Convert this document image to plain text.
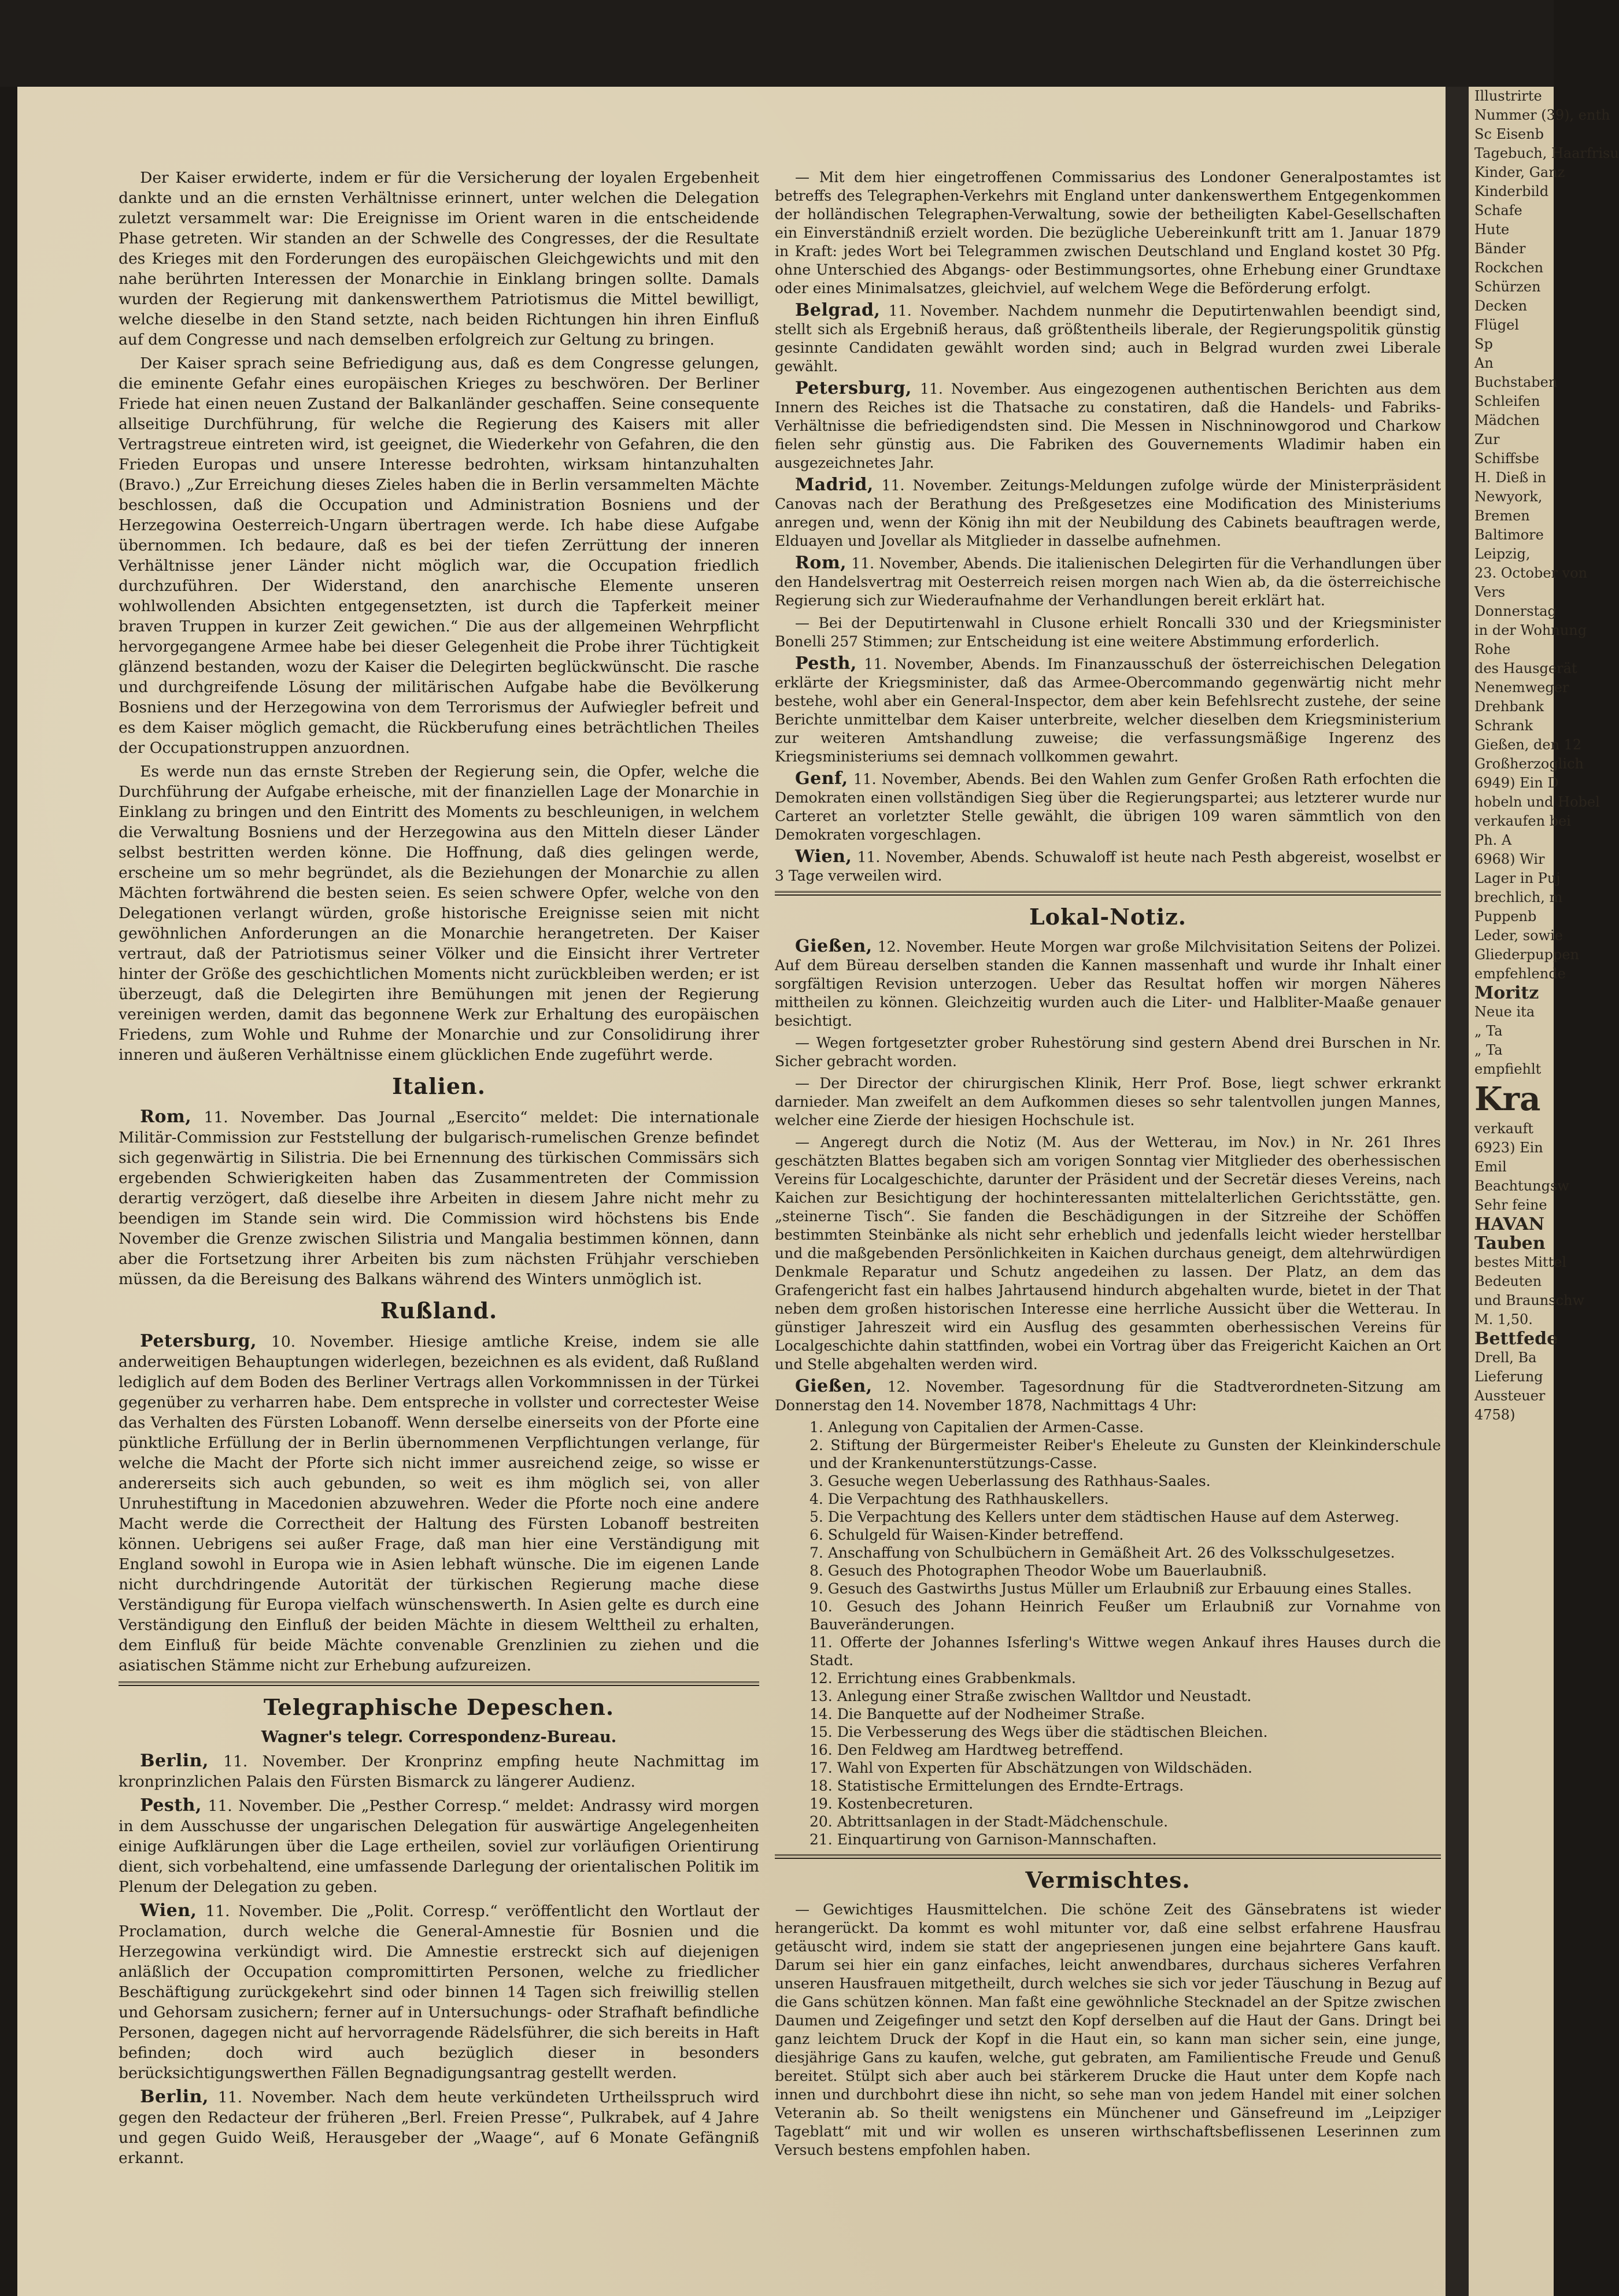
Der Kaiser erwiderte, indem er für die Versicherung der loyalen Ergebenheit dankte und an die ernsten Verhältnisse erinnert, unter welchen die Delegation zuletzt versammelt war: Die Ereignisse im Orient waren in die entscheidende Phase getreten. Wir standen an der Schwelle des Congresses, der die Resultate des Krieges mit den Forderungen des europäischen Gleichgewichts und mit den nahe berührten Interessen der Monarchie in Einklang bringen sollte. Damals wurden der Regierung mit dankenswerthem Patriotismus die Mittel bewilligt, welche dieselbe in den Stand setzte, nach beiden Richtungen hin ihren Einfluß auf dem Congresse und nach demselben erfolgreich zur Geltung zu bringen.

Der Kaiser sprach seine Befriedigung aus, daß es dem Congresse gelungen, die eminente Gefahr eines europäischen Krieges zu beschwören. Der Berliner Friede hat einen neuen Zustand der Balkanländer geschaffen. Seine consequente allseitige Durchführung, für welche die Regierung des Kaisers mit aller Vertragstreue eintreten wird, ist geeignet, die Wiederkehr von Gefahren, die den Frieden Europas und unsere Interesse bedrohten, wirksam hintanzuhalten (Bravo.) „Zur Erreichung dieses Zieles haben die in Berlin versammelten Mächte beschlossen, daß die Occupation und Administration Bosniens und der Herzegowina Oesterreich-Ungarn übertragen werde. Ich habe diese Aufgabe übernommen. Ich bedaure, daß es bei der tiefen Zerrüttung der inneren Verhältnisse jener Länder nicht möglich war, die Occupation friedlich durchzuführen. Der Widerstand, den anarchische Elemente unseren wohlwollenden Absichten entgegensetzten, ist durch die Tapferkeit meiner braven Truppen in kurzer Zeit gewichen.“ Die aus der allgemeinen Wehrpflicht hervorgegangene Armee habe bei dieser Gelegenheit die Probe ihrer Tüchtigkeit glänzend bestanden, wozu der Kaiser die Delegirten beglückwünscht. Die rasche und durchgreifende Lösung der militärischen Aufgabe habe die Bevölkerung Bosniens und der Herzegowina von dem Terrorismus der Aufwiegler befreit und es dem Kaiser möglich gemacht, die Rückberufung eines beträchtlichen Theiles der Occupationstruppen anzuordnen.

Es werde nun das ernste Streben der Regierung sein, die Opfer, welche die Durchführung der Aufgabe erheische, mit der finanziellen Lage der Monarchie in Einklang zu bringen und den Eintritt des Moments zu beschleunigen, in welchem die Verwaltung Bosniens und der Herzegowina aus den Mitteln dieser Länder selbst bestritten werden könne. Die Hoffnung, daß dies gelingen werde, erscheine um so mehr begründet, als die Beziehungen der Monarchie zu allen Mächten fortwährend die besten seien. Es seien schwere Opfer, welche von den Delegationen verlangt würden, große historische Ereignisse seien mit nicht gewöhnlichen Anforderungen an die Monarchie herangetreten. Der Kaiser vertraut, daß der Patriotismus seiner Völker und die Einsicht ihrer Vertreter hinter der Größe des geschichtlichen Moments nicht zurückbleiben werden; er ist überzeugt, daß die Delegirten ihre Bemühungen mit jenen der Regierung vereinigen werden, damit das begonnene Werk zur Erhaltung des europäischen Friedens, zum Wohle und Ruhme der Monarchie und zur Consolidirung ihrer inneren und äußeren Verhältnisse einem glücklichen Ende zugeführt werde.

Italien.

Rom, 11. November. Das Journal „Esercito“ meldet: Die internationale Militär-Commission zur Feststellung der bulgarisch-rumelischen Grenze befindet sich gegenwärtig in Silistria. Die bei Ernennung des türkischen Commissärs sich ergebenden Schwierigkeiten haben das Zusammentreten der Commission derartig verzögert, daß dieselbe ihre Arbeiten in diesem Jahre nicht mehr zu beendigen im Stande sein wird. Die Commission wird höchstens bis Ende November die Grenze zwischen Silistria und Mangalia bestimmen können, dann aber die Fortsetzung ihrer Arbeiten bis zum nächsten Frühjahr verschieben müssen, da die Bereisung des Balkans während des Winters unmöglich ist.

Rußland.

Petersburg, 10. November. Hiesige amtliche Kreise, indem sie alle anderweitigen Behauptungen widerlegen, bezeichnen es als evident, daß Rußland lediglich auf dem Boden des Berliner Vertrags allen Vorkommnissen in der Türkei gegenüber zu verharren habe. Dem entspreche in vollster und correctester Weise das Verhalten des Fürsten Lobanoff. Wenn derselbe einerseits von der Pforte eine pünktliche Erfüllung der in Berlin übernommenen Verpflichtungen verlange, für welche die Macht der Pforte sich nicht immer ausreichend zeige, so wisse er andererseits sich auch gebunden, so weit es ihm möglich sei, von aller Unruhestiftung in Macedonien abzuwehren. Weder die Pforte noch eine andere Macht werde die Correctheit der Haltung des Fürsten Lobanoff bestreiten können. Uebrigens sei außer Frage, daß man hier eine Verständigung mit England sowohl in Europa wie in Asien lebhaft wünsche. Die im eigenen Lande nicht durchdringende Autorität der türkischen Regierung mache diese Verständigung für Europa vielfach wünschenswerth. In Asien gelte es durch eine Verständigung den Einfluß der beiden Mächte in diesem Welttheil zu erhalten, dem Einfluß für beide Mächte convenable Grenzlinien zu ziehen und die asiatischen Stämme nicht zur Erhebung aufzureizen.

Telegraphische Depeschen.
Wagner's telegr. Correspondenz-Bureau.

Berlin, 11. November. Der Kronprinz empfing heute Nachmittag im kronprinzlichen Palais den Fürsten Bismarck zu längerer Audienz.

Pesth, 11. November. Die „Pesther Corresp.“ meldet: Andrassy wird morgen in dem Ausschusse der ungarischen Delegation für auswärtige Angelegenheiten einige Aufklärungen über die Lage ertheilen, soviel zur vorläufigen Orientirung dient, sich vorbehaltend, eine umfassende Darlegung der orientalischen Politik im Plenum der Delegation zu geben.

Wien, 11. November. Die „Polit. Corresp.“ veröffentlicht den Wortlaut der Proclamation, durch welche die General-Amnestie für Bosnien und die Herzegowina verkündigt wird. Die Amnestie erstreckt sich auf diejenigen anläßlich der Occupation compromittirten Personen, welche zu friedlicher Beschäftigung zurückgekehrt sind oder binnen 14 Tagen sich freiwillig stellen und Gehorsam zusichern; ferner auf in Untersuchungs- oder Strafhaft befindliche Personen, dagegen nicht auf hervorragende Rädelsführer, die sich bereits in Haft befinden; doch wird auch bezüglich dieser in besonders berücksichtigungswerthen Fällen Begnadigungsantrag gestellt werden.

Berlin, 11. November. Nach dem heute verkündeten Urtheilsspruch wird gegen den Redacteur der früheren „Berl. Freien Presse“, Pulkrabek, auf 4 Jahre und gegen Guido Weiß, Herausgeber der „Waage“, auf 6 Monate Gefängniß erkannt.

— Mit dem hier eingetroffenen Commissarius des Londoner Generalpostamtes ist betreffs des Telegraphen-Verkehrs mit England unter dankenswerthem Entgegenkommen der holländischen Telegraphen-Verwaltung, sowie der betheiligten Kabel-Gesellschaften ein Einverständniß erzielt worden. Die bezügliche Uebereinkunft tritt am 1. Januar 1879 in Kraft: jedes Wort bei Telegrammen zwischen Deutschland und England kostet 30 Pfg. ohne Unterschied des Abgangs- oder Bestimmungsortes, ohne Erhebung einer Grundtaxe oder eines Minimalsatzes, gleichviel, auf welchem Wege die Beförderung erfolgt.

Belgrad, 11. November. Nachdem nunmehr die Deputirtenwahlen beendigt sind, stellt sich als Ergebniß heraus, daß größtentheils liberale, der Regierungspolitik günstig gesinnte Candidaten gewählt worden sind; auch in Belgrad wurden zwei Liberale gewählt.

Petersburg, 11. November. Aus eingezogenen authentischen Berichten aus dem Innern des Reiches ist die Thatsache zu constatiren, daß die Handels- und Fabriks-Verhältnisse die befriedigendsten sind. Die Messen in Nischninowgorod und Charkow fielen sehr günstig aus. Die Fabriken des Gouvernements Wladimir haben ein ausgezeichnetes Jahr.

Madrid, 11. November. Zeitungs-Meldungen zufolge würde der Ministerpräsident Canovas nach der Berathung des Preßgesetzes eine Modification des Ministeriums anregen und, wenn der König ihn mit der Neubildung des Cabinets beauftragen werde, Elduayen und Jovellar als Mitglieder in dasselbe aufnehmen.

Rom, 11. November, Abends. Die italienischen Delegirten für die Verhandlungen über den Handelsvertrag mit Oesterreich reisen morgen nach Wien ab, da die österreichische Regierung sich zur Wiederaufnahme der Verhandlungen bereit erklärt hat.

— Bei der Deputirtenwahl in Clusone erhielt Roncalli 330 und der Kriegsminister Bonelli 257 Stimmen; zur Entscheidung ist eine weitere Abstimmung erforderlich.

Pesth, 11. November, Abends. Im Finanzausschuß der österreichischen Delegation erklärte der Kriegsminister, daß das Armee-Obercommando gegenwärtig nicht mehr bestehe, wohl aber ein General-Inspector, dem aber kein Befehlsrecht zustehe, der seine Berichte unmittelbar dem Kaiser unterbreite, welcher dieselben dem Kriegsministerium zur weiteren Amtshandlung zuweise; die verfassungsmäßige Ingerenz des Kriegsministeriums sei demnach vollkommen gewahrt.

Genf, 11. November, Abends. Bei den Wahlen zum Genfer Großen Rath erfochten die Demokraten einen vollständigen Sieg über die Regierungspartei; aus letzterer wurde nur Carteret an vorletzter Stelle gewählt, die übrigen 109 waren sämmtlich von den Demokraten vorgeschlagen.

Wien, 11. November, Abends. Schuwaloff ist heute nach Pesth abgereist, woselbst er 3 Tage verweilen wird.

Lokal-Notiz.

Gießen, 12. November. Heute Morgen war große Milchvisitation Seitens der Polizei. Auf dem Büreau derselben standen die Kannen massenhaft und wurde ihr Inhalt einer sorgfältigen Revision unterzogen. Ueber das Resultat hoffen wir morgen Näheres mittheilen zu können. Gleichzeitig wurden auch die Liter- und Halbliter-Maaße genauer besichtigt.

— Wegen fortgesetzter grober Ruhestörung sind gestern Abend drei Burschen in Nr. Sicher gebracht worden.

— Der Director der chirurgischen Klinik, Herr Prof. Bose, liegt schwer erkrankt darnieder. Man zweifelt an dem Aufkommen dieses so sehr talentvollen jungen Mannes, welcher eine Zierde der hiesigen Hochschule ist.

— Angeregt durch die Notiz (M. Aus der Wetterau, im Nov.) in Nr. 261 Ihres geschätzten Blattes begaben sich am vorigen Sonntag vier Mitglieder des oberhessischen Vereins für Localgeschichte, darunter der Präsident und der Secretär dieses Vereins, nach Kaichen zur Besichtigung der hochinteressanten mittelalterlichen Gerichtsstätte, gen. „steinerne Tisch“. Sie fanden die Beschädigungen in der Sitzreihe der Schöffen bestimmten Steinbänke als nicht sehr erheblich und jedenfalls leicht wieder herstellbar und die maßgebenden Persönlichkeiten in Kaichen durchaus geneigt, dem altehrwürdigen Denkmale Reparatur und Schutz angedeihen zu lassen. Der Platz, an dem das Grafengericht fast ein halbes Jahrtausend hindurch abgehalten wurde, bietet in der That neben dem großen historischen Interesse eine herrliche Aussicht über die Wetterau. In günstiger Jahreszeit wird ein Ausflug des gesammten oberhessischen Vereins für Localgeschichte dahin stattfinden, wobei ein Vortrag über das Freigericht Kaichen an Ort und Stelle abgehalten werden wird.

Gießen, 12. November. Tagesordnung für die Stadtverordneten-Sitzung am Donnerstag den 14. November 1878, Nachmittags 4 Uhr:

1. Anlegung von Capitalien der Armen-Casse.
2. Stiftung der Bürgermeister Reiber's Eheleute zu Gunsten der Kleinkinderschule und der Krankenunterstützungs-Casse.
3. Gesuche wegen Ueberlassung des Rathhaus-Saales.
4. Die Verpachtung des Rathhauskellers.
5. Die Verpachtung des Kellers unter dem städtischen Hause auf dem Asterweg.
6. Schulgeld für Waisen-Kinder betreffend.
7. Anschaffung von Schulbüchern in Gemäßheit Art. 26 des Volksschulgesetzes.
8. Gesuch des Photographen Theodor Wobe um Bauerlaubniß.
9. Gesuch des Gastwirths Justus Müller um Erlaubniß zur Erbauung eines Stalles.
10. Gesuch des Johann Heinrich Feußer um Erlaubniß zur Vornahme von Bauveränderungen.
11. Offerte der Johannes Isferling's Wittwe wegen Ankauf ihres Hauses durch die Stadt.
12. Errichtung eines Grabbenkmals.
13. Anlegung einer Straße zwischen Walltdor und Neustadt.
14. Die Banquette auf der Nodheimer Straße.
15. Die Verbesserung des Wegs über die städtischen Bleichen.
16. Den Feldweg am Hardtweg betreffend.
17. Wahl von Experten für Abschätzungen von Wildschäden.
18. Statistische Ermittelungen des Erndte-Ertrags.
19. Kostenbecreturen.
20. Abtrittsanlagen in der Stadt-Mädchenschule.
21. Einquartirung von Garnison-Mannschaften.
Vermischtes.

— Gewichtiges Hausmittelchen. Die schöne Zeit des Gänsebratens ist wieder herangerückt. Da kommt es wohl mitunter vor, daß eine selbst erfahrene Hausfrau getäuscht wird, indem sie statt der angepriesenen jungen eine bejahrtere Gans kauft. Darum sei hier ein ganz einfaches, leicht anwendbares, durchaus sicheres Verfahren unseren Hausfrauen mitgetheilt, durch welches sie sich vor jeder Täuschung in Bezug auf die Gans schützen können. Man faßt eine gewöhnliche Stecknadel an der Spitze zwischen Daumen und Zeigefinger und setzt den Kopf derselben auf die Haut der Gans. Dringt bei ganz leichtem Druck der Kopf in die Haut ein, so kann man sicher sein, eine junge, diesjährige Gans zu kaufen, welche, gut gebraten, am Familientische Freude und Genuß bereitet. Stülpt sich aber auch bei stärkerem Drucke die Haut unter dem Kopfe nach innen und durchbohrt diese ihn nicht, so sehe man von jedem Handel mit einer solchen Veteranin ab. So theilt wenigstens ein Münchener und Gänsefreund im „Leipziger Tageblatt“ mit und wir wollen es unseren wirthschaftsbeflissenen Leserinnen zum Versuch bestens empfohlen haben.

Illustrirte
Nummer (39), enth
Sc Eisenb
Tagebuch, Haarfrisu
Kinder, Ganz
Kinderbild
Schafe
Hute
Bänder
Rockchen
Schürzen
Decken
Flügel
Sp
An
Buchstaben
Schleifen
Mädchen
Zur
Schiffsbe
H. Dieß in
Newyork,
Bremen
Baltimore
Leipzig,
23. October von
Vers
Donnerstag
in der Wohnung
Rohe
des Hausgerät
Nenemweger
Drehbank
Schrank
Gießen, den 12
Großherzoglich
6949) Ein D
hobeln und Hobel
verkaufen bei
Ph. A
6968) Wir
Lager in Puj
brechlich, m
Puppenb
Leder, sowie
Gliederpuppen
empfehlende
Moritz
Neue ita
„ Ta
„ Ta
empfiehlt
Kra
verkauft
6923) Ein
Emil
Beachtungsw
Sehr feine
HAVAN
Tauben
bestes Mittel
Bedeuten
und Braunschw
M. 1,50.
Bettfede
Drell, Ba
Lieferung
Aussteuer
4758)
